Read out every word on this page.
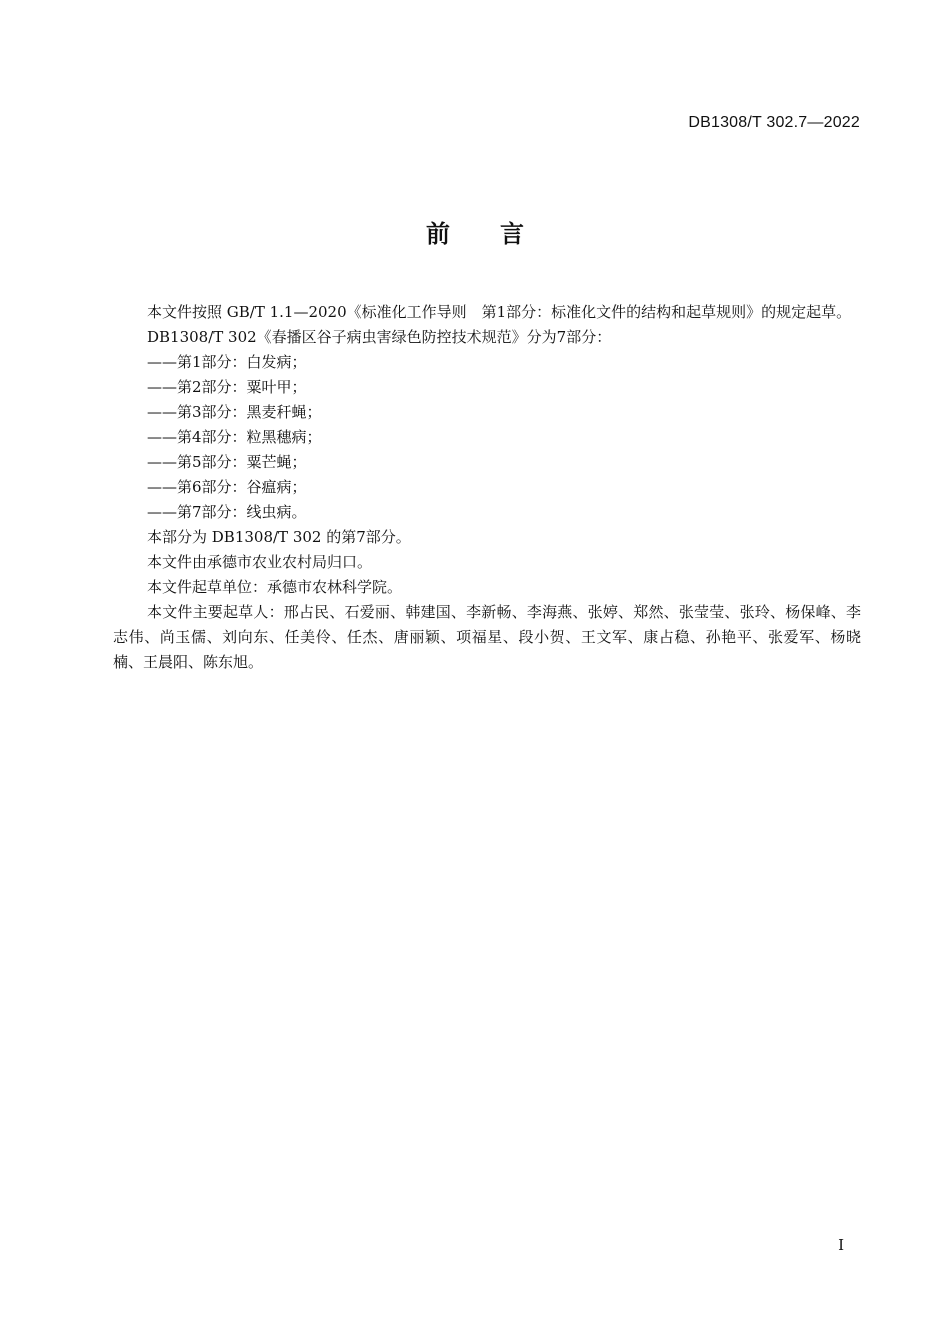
DB1308/T 302.7—2022
前言

本文件按照 GB/T 1.1—2020《标准化工作导则　第1部分：标准化文件的结构和起草规则》的规定起草。

DB1308/T 302《春播区谷子病虫害绿色防控技术规范》分为7部分：

——第1部分：白发病；

——第2部分：粟叶甲；

——第3部分：黑麦秆蝇；

——第4部分：粒黑穗病；

——第5部分：粟芒蝇；

——第6部分：谷瘟病；

——第7部分：线虫病。

本部分为 DB1308/T 302 的第7部分。

本文件由承德市农业农村局归口。

本文件起草单位：承德市农林科学院。

本文件主要起草人：邢占民、石爱丽、韩建国、李新畅、李海燕、张婷、郑然、张莹莹、张玲、杨保峰、李志伟、尚玉儒、刘向东、任美伶、任杰、唐丽颖、项福星、段小贺、王文军、康占稳、孙艳平、张爱军、杨晓楠、王晨阳、陈东旭。

I
